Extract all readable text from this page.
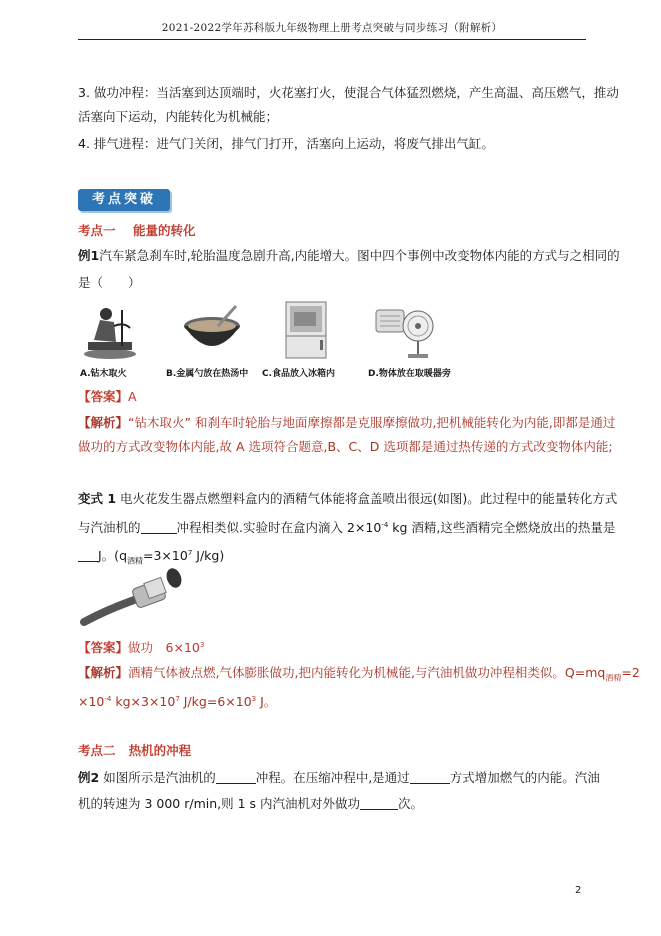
2021-2022学年苏科版九年级物理上册考点突破与同步练习（附解析）
3. 做功冲程：当活塞到达顶端时，火花塞打火，使混合气体猛烈燃烧，产生高温、高压燃气，推动
活塞向下运动，内能转化为机械能；
4. 排气进程：进气门关闭，排气门打开，活塞向上运动，将废气排出气缸。
考点突破
考点一 能量的转化
例1汽车紧急刹车时,轮胎温度急剧升高,内能增大。图中四个事例中改变物体内能的方式与之相同的
是（　　）
A.钻木取火	B.金属勺放在热汤中 C.食品放入冰箱内	D.物体放在取暖器旁
【答案】A
【解析】“钻木取火” 和刹车时轮胎与地面摩擦都是克服摩擦做功,把机械能转化为内能,即都是通过
做功的方式改变物体内能,故 A 选项符合题意,B、C、D 选项都是通过热传递的方式改变物体内能;
变式 1 电火花发生器点燃塑料盒内的酒精气体能将盒盖喷出很远(如图)。此过程中的能量转化方式
与汽油机的	冲程相类似.实验时在盒内滴入 $2\times 10^{-4}$ kg 酒精,这些酒精完全燃烧放出的热量是
J。($q_{酒精}=3\times 10^7$ J/kg)
【答案】做功　$6\times 10^3$
【解析】酒精气体被点燃,气体膨胀做功,把内能转化为机械能,与汽油机做功冲程相类似。$Q=mq_{酒精}=2$
$\times 10^{-4}$ $kg\times 3\times 10^7$ $J/kg=6\times 10^3$ J。
考点二 热机的冲程
例2 如图所示是汽油机的	冲程。在压缩冲程中,是通过	方式增加燃气的内能。汽油
机的转速为 3 000 r/min,则 1 s 内汽油机对外做功	次。
2
